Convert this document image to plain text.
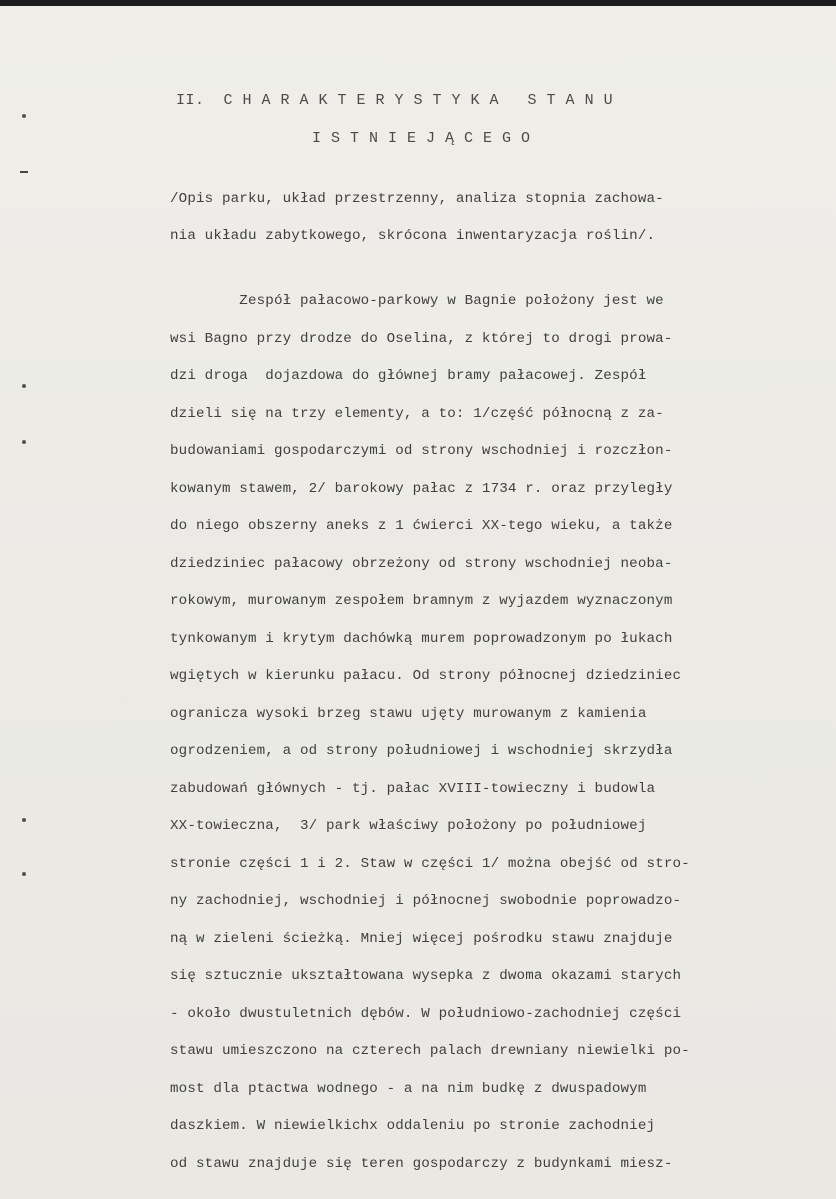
II.  C H A R A K T E R Y S T Y K A   S T A N U
I S T N I E J Ą C E G O
/Opis parku, układ przestrzenny, analiza stopnia zachowa-
nia układu zabytkowego, skrócona inwentaryzacja roślin/.
Zespół pałacowo-parkowy w Bagnie położony jest we
wsi Bagno przy drodze do Oselina, z której to drogi prowa-
dzi droga  dojazdowa do głównej bramy pałacowej. Zespół
dzieli się na trzy elementy, a to: 1/część północną z za-
budowaniami gospodarczymi od strony wschodniej i rozczłon-
kowanym stawem, 2/ barokowy pałac z 1734 r. oraz przyległy
do niego obszerny aneks z 1 ćwierci XX-tego wieku, a także
dziedziniec pałacowy obrzeżony od strony wschodniej neoba-
rokowym, murowanym zespołem bramnym z wyjazdem wyznaczonym
tynkowanym i krytym dachówką murem poprowadzonym po łukach
wgiętych w kierunku pałacu. Od strony północnej dziedziniec
ogranicza wysoki brzeg stawu ujęty murowanym z kamienia
ogrodzeniem, a od strony południowej i wschodniej skrzydła
zabudowań głównych - tj. pałac XVIII-towieczny i budowla
XX-towieczna,  3/ park właściwy położony po południowej
stronie części 1 i 2. Staw w części 1/ można obejść od stro-
ny zachodniej, wschodniej i północnej swobodnie poprowadzo-
ną w zieleni ścieżką. Mniej więcej pośrodku stawu znajduje
się sztucznie ukształtowana wysepka z dwoma okazami starych
- około dwustuletnich dębów. W południowo-zachodniej części
stawu umieszczono na czterech palach drewniany niewielki po-
most dla ptactwa wodnego - a na nim budkę z dwuspadowym
daszkiem. W niewielkichx oddaleniu po stronie zachodniej
od stawu znajduje się teren gospodarczy z budynkami miesz-
